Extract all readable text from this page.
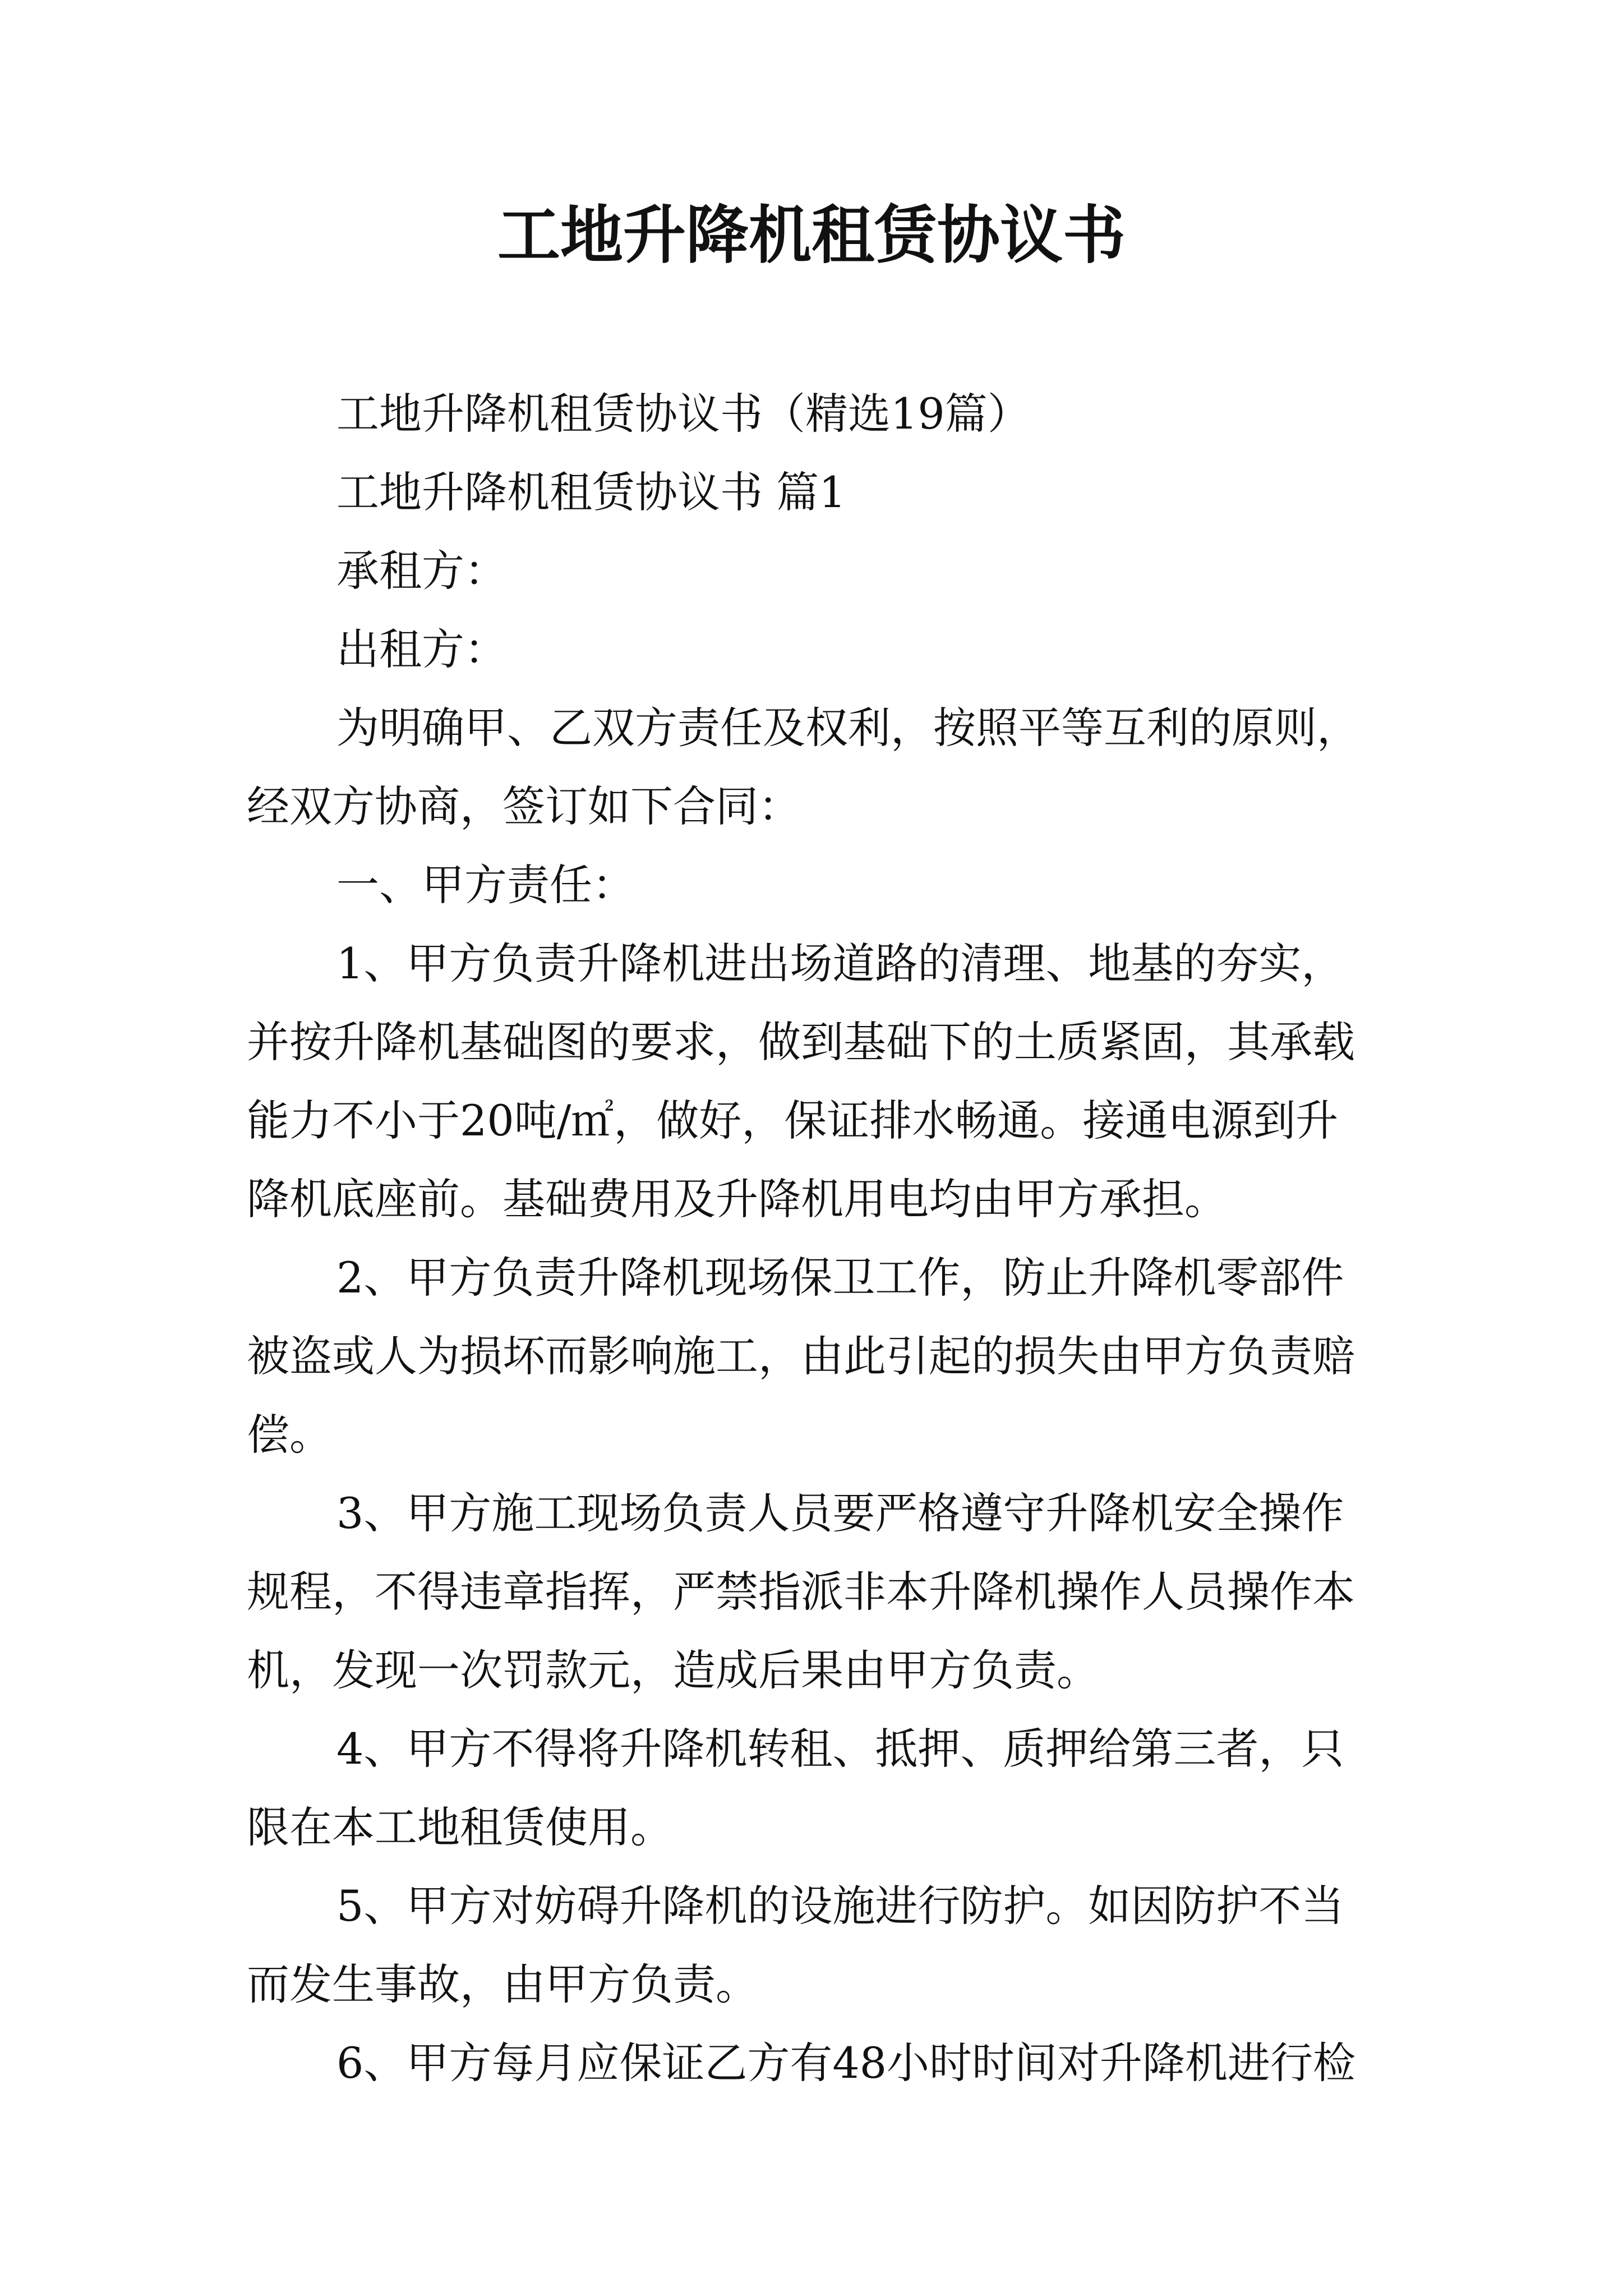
工地升降机租赁协议书

工地升降机租赁协议书（精选19篇）

工地升降机租赁协议书 篇1

承租方：

出租方：

为明确甲、乙双方责任及权利，按照平等互利的原则，

经双方协商，签订如下合同：

一、甲方责任：

1、甲方负责升降机进出场道路的清理、地基的夯实，

并按升降机基础图的要求，做到基础下的土质紧固，其承载

能力不小于20吨/㎡，做好，保证排水畅通。接通电源到升

降机底座前。基础费用及升降机用电均由甲方承担。

2、甲方负责升降机现场保卫工作，防止升降机零部件

被盗或人为损坏而影响施工，由此引起的损失由甲方负责赔

偿。

3、甲方施工现场负责人员要严格遵守升降机安全操作

规程，不得违章指挥，严禁指派非本升降机操作人员操作本

机，发现一次罚款元，造成后果由甲方负责。

4、甲方不得将升降机转租、抵押、质押给第三者，只

限在本工地租赁使用。

5、甲方对妨碍升降机的设施进行防护。如因防护不当

而发生事故，由甲方负责。

6、甲方每月应保证乙方有48小时时间对升降机进行检
